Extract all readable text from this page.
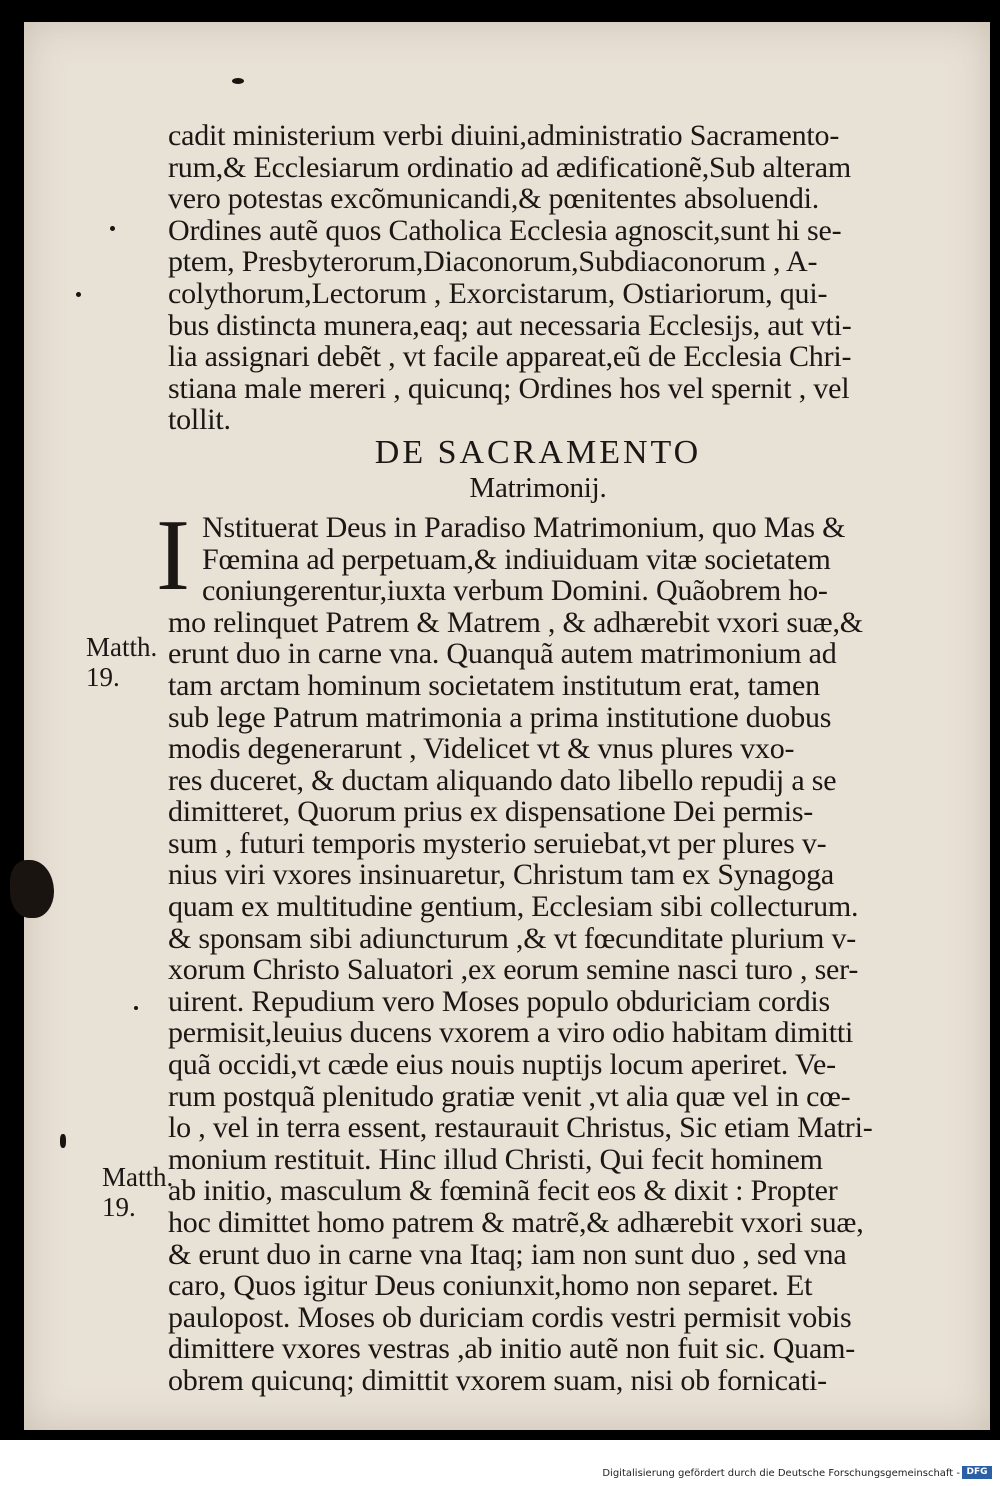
Matth.
19.
Matth.
19.
cadit ministerium verbi diuini,administratio Sacramento-
rum,& Ecclesiarum ordinatio ad ædificationẽ,Sub alteram
vero potestas excõmunicandi,& pœnitentes absoluendi.
Ordines autẽ quos Catholica Ecclesia agnoscit,sunt hi se-
ptem, Presbyterorum,Diaconorum,Subdiaconorum , A-
colythorum,Lectorum , Exorcistarum, Ostiariorum, qui-
bus distincta munera,eaq; aut necessaria Ecclesijs, aut vti-
lia assignari debẽt , vt facile appareat,eũ de Ecclesia Chri-
stiana male mereri , quicunq; Ordines hos vel spernit , vel
tollit.
DE SACRAMENTO
Matrimonij.
I Nstituerat Deus in Paradiso Matrimonium, quo Mas &
Fœmina ad perpetuam,& indiuiduam vitæ societatem
coniungerentur,iuxta verbum Domini. Quãobrem ho-
mo relinquet Patrem & Matrem , & adhærebit vxori suæ,&
erunt duo in carne vna. Quanquã autem matrimonium ad
tam arctam hominum societatem institutum erat, tamen
sub lege Patrum matrimonia a prima institutione duobus
modis degenerarunt , Videlicet vt & vnus plures vxo-
res duceret, & ductam aliquando dato libello repudij a se
dimitteret, Quorum prius ex dispensatione Dei permis-
sum , futuri temporis mysterio seruiebat,vt per plures v-
nius viri vxores insinuaretur, Christum tam ex Synagoga
quam ex multitudine gentium, Ecclesiam sibi collecturum.
& sponsam sibi adiuncturum ,& vt fœcunditate plurium v-
xorum Christo Saluatori ,ex eorum semine nasci turo , ser-
uirent. Repudium vero Moses populo obduriciam cordis
permisit,leuius ducens vxorem a viro odio habitam dimitti
quã occidi,vt cæde eius nouis nuptijs locum aperiret. Ve-
rum postquã plenitudo gratiæ venit ,vt alia quæ vel in cœ-
lo , vel in terra essent, restaurauit Christus, Sic etiam Matri-
monium restituit. Hinc illud Christi, Qui fecit hominem
ab initio, masculum & fœminã fecit eos & dixit : Propter
hoc dimittet homo patrem & matrẽ,& adhærebit vxori suæ,
& erunt duo in carne vna Itaq; iam non sunt duo , sed vna
caro, Quos igitur Deus coniunxit,homo non separet. Et
paulopost. Moses ob duriciam cordis vestri permisit vobis
dimittere vxores vestras ,ab initio autẽ non fuit sic. Quam-
obrem quicunq; dimittit vxorem suam, nisi ob fornicati-
Digitalisierung gefördert durch die Deutsche Forschungsgemeinschaft - DFG
